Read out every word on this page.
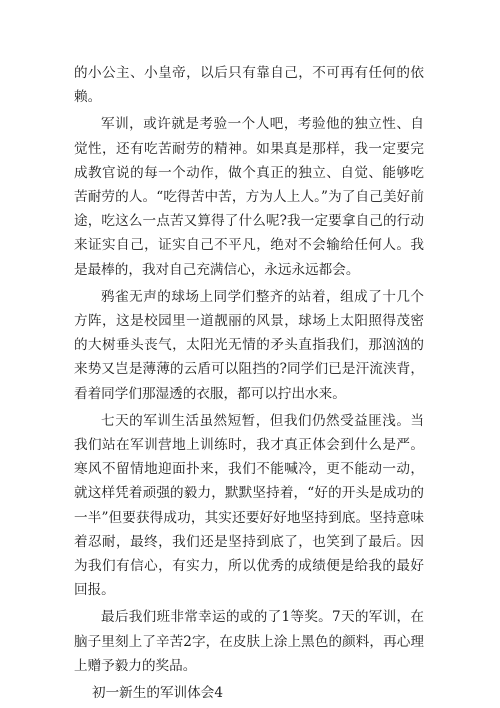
的小公主、小皇帝，以后只有靠自己，不可再有任何的依赖。

军训，或许就是考验一个人吧，考验他的独立性、自觉性，还有吃苦耐劳的精神。如果真是那样，我一定要完成教官说的每一个动作，做个真正的独立、自觉、能够吃苦耐劳的人。“吃得苦中苦，方为人上人。”为了自己美好前途，吃这么一点苦又算得了什么呢?我一定要拿自己的行动来证实自己，证实自己不平凡，绝对不会输给任何人。我是最棒的，我对自己充满信心，永远永远都会。

鸦雀无声的球场上同学们整齐的站着，组成了十几个方阵，这是校园里一道靓丽的风景，球场上太阳照得茂密的大树垂头丧气，太阳光无情的矛头直指我们，那汹汹的来势又岂是薄薄的云盾可以阻挡的?同学们已是汗流浃背，看着同学们那湿透的衣服，都可以拧出水来。

七天的军训生活虽然短暂，但我们仍然受益匪浅。当我们站在军训营地上训练时，我才真正体会到什么是严。寒风不留情地迎面扑来，我们不能喊冷，更不能动一动，就这样凭着顽强的毅力，默默坚持着，“好的开头是成功的一半”但要获得成功，其实还要好好地坚持到底。坚持意味着忍耐，最终，我们还是坚持到底了，也笑到了最后。因为我们有信心，有实力，所以优秀的成绩便是给我的最好回报。

最后我们班非常幸运的或的了1等奖。7天的军训，在脑子里刻上了辛苦2字，在皮肤上涂上黑色的颜料，再心理上赠予毅力的奖品。

初一新生的军训体会4
